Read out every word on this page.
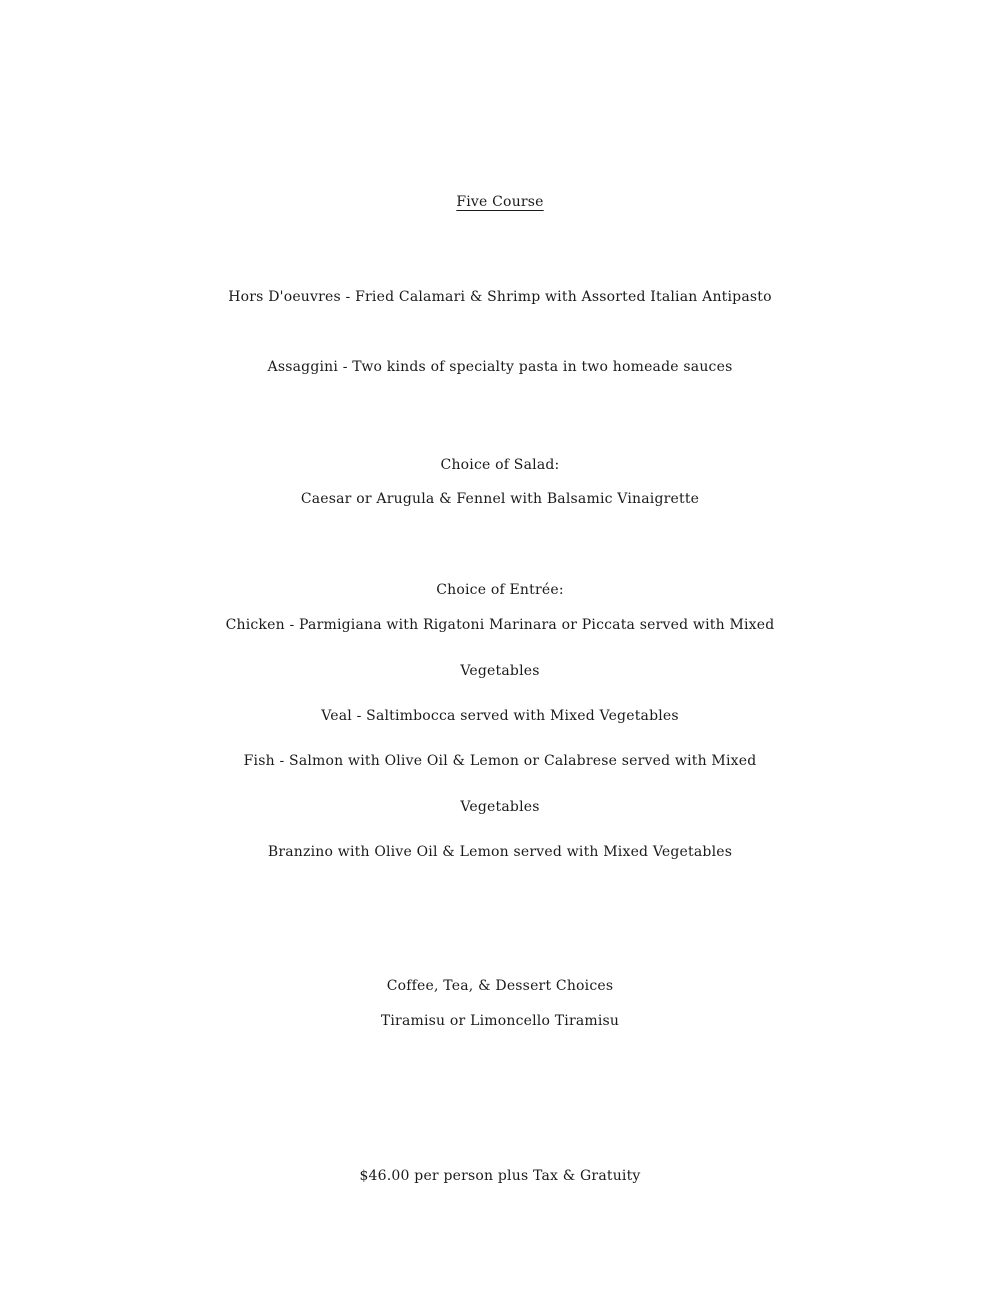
Five Course
Hors D'oeuvres - Fried Calamari & Shrimp with Assorted Italian Antipasto
Assaggini - Two kinds of specialty pasta in two homeade sauces
Choice of Salad:
Caesar or Arugula & Fennel with Balsamic Vinaigrette
Choice of Entrée:
Chicken - Parmigiana with Rigatoni Marinara or Piccata served with Mixed
Vegetables
Veal - Saltimbocca served with Mixed Vegetables
Fish - Salmon with Olive Oil & Lemon or Calabrese served with Mixed
Vegetables
Branzino with Olive Oil & Lemon served with Mixed Vegetables
Coffee, Tea, & Dessert Choices
Tiramisu or Limoncello Tiramisu
$46.00 per person plus Tax & Gratuity
